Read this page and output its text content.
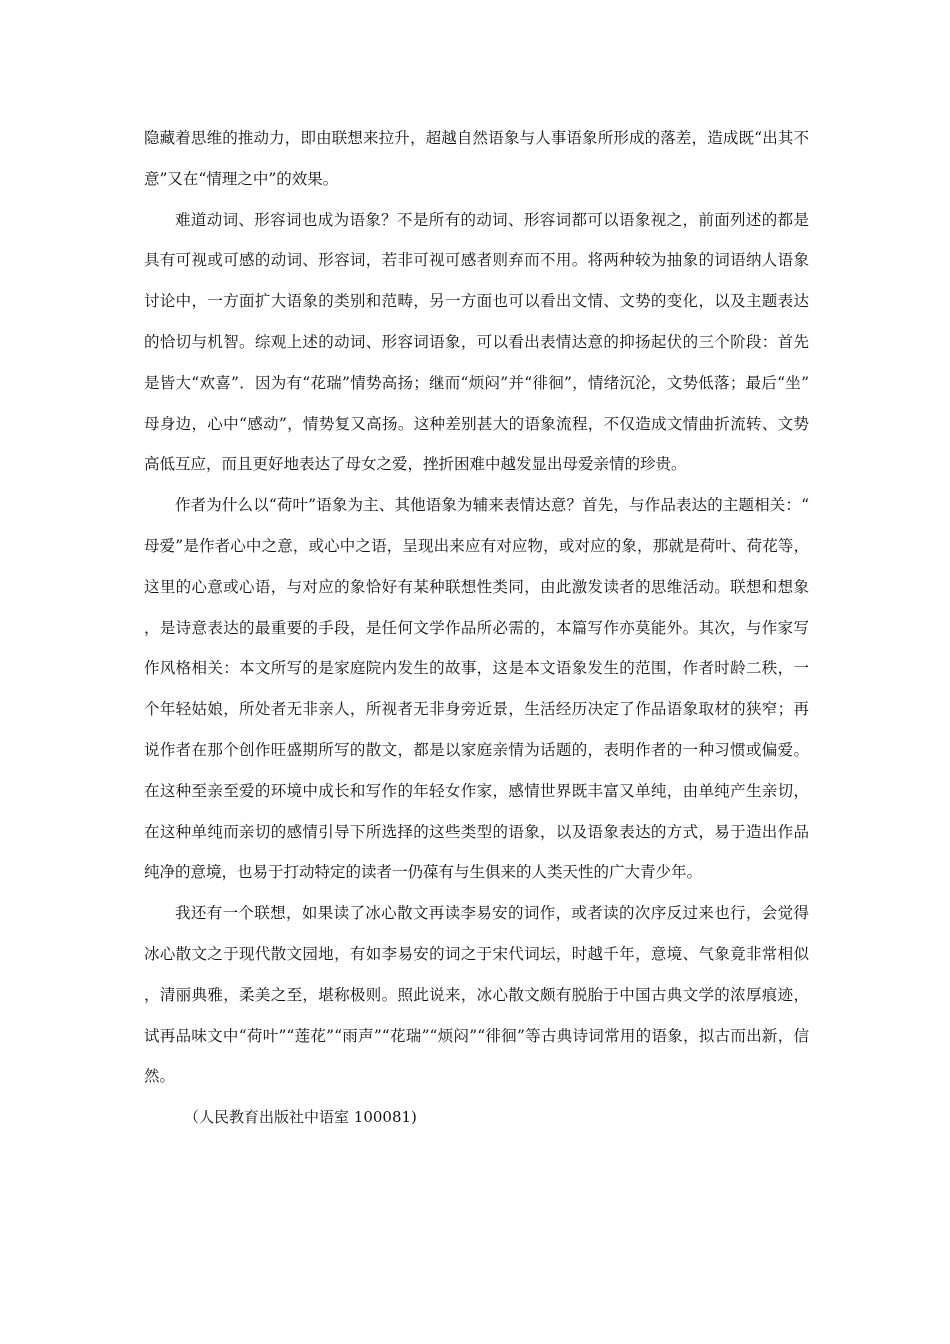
隐藏着思维的推动力，即由联想来拉升，超越自然语象与人事语象所形成的落差，造成既“出其不意”又在“情理之中”的效果。

难道动词、形容词也成为语象？不是所有的动词、形容词都可以语象视之，前面列述的都是具有可视或可感的动词、形容词，若非可视可感者则弃而不用。将两种较为抽象的词语纳人语象讨论中，一方面扩大语象的类别和范畴，另一方面也可以看出文情、文势的变化，以及主题表达的恰切与机智。综观上述的动词、形容词语象，可以看出表情达意的抑扬起伏的三个阶段：首先是皆大“欢喜”．因为有“花瑞”情势高扬；继而“烦闷”并“徘徊”，情绪沉沦，文势低落；最后“坐”母身边，心中“感动”，情势复又高扬。这种差别甚大的语象流程，不仅造成文情曲折流转、文势高低互应，而且更好地表达了母女之爱，挫折困难中越发显出母爱亲情的珍贵。

作者为什么以“荷叶”语象为主、其他语象为辅来表情达意？首先，与作品表达的主题相关：“母爱”是作者心中之意，或心中之语，呈现出来应有对应物，或对应的象，那就是荷叶、荷花等，这里的心意或心语，与对应的象恰好有某种联想性类同，由此激发读者的思维活动。联想和想象，是诗意表达的最重要的手段，是任何文学作品所必需的，本篇写作亦莫能外。其次，与作家写作风格相关：本文所写的是家庭院内发生的故事，这是本文语象发生的范围，作者时龄二秩，一个年轻姑娘，所处者无非亲人，所视者无非身旁近景，生活经历决定了作品语象取材的狭窄；再说作者在那个创作旺盛期所写的散文，都是以家庭亲情为话题的，表明作者的一种习惯或偏爱。在这种至亲至爱的环境中成长和写作的年轻女作家，感情世界既丰富又单纯，由单纯产生亲切，在这种单纯而亲切的感情引导下所选择的这些类型的语象，以及语象表达的方式，易于造出作品纯净的意境，也易于打动特定的读者一仍葆有与生俱来的人类天性的广大青少年。

我还有一个联想，如果读了冰心散文再读李易安的词作，或者读的次序反过来也行，会觉得冰心散文之于现代散文园地，有如李易安的词之于宋代词坛，时越千年，意境、气象竟非常相似，清丽典雅，柔美之至，堪称极则。照此说来，冰心散文颇有脱胎于中国古典文学的浓厚痕迹，试再品味文中“荷叶”“莲花”“雨声”“花瑞”“烦闷”“徘徊”等古典诗词常用的语象，拟古而出新，信然。

（人民教育出版社中语室 100081)
